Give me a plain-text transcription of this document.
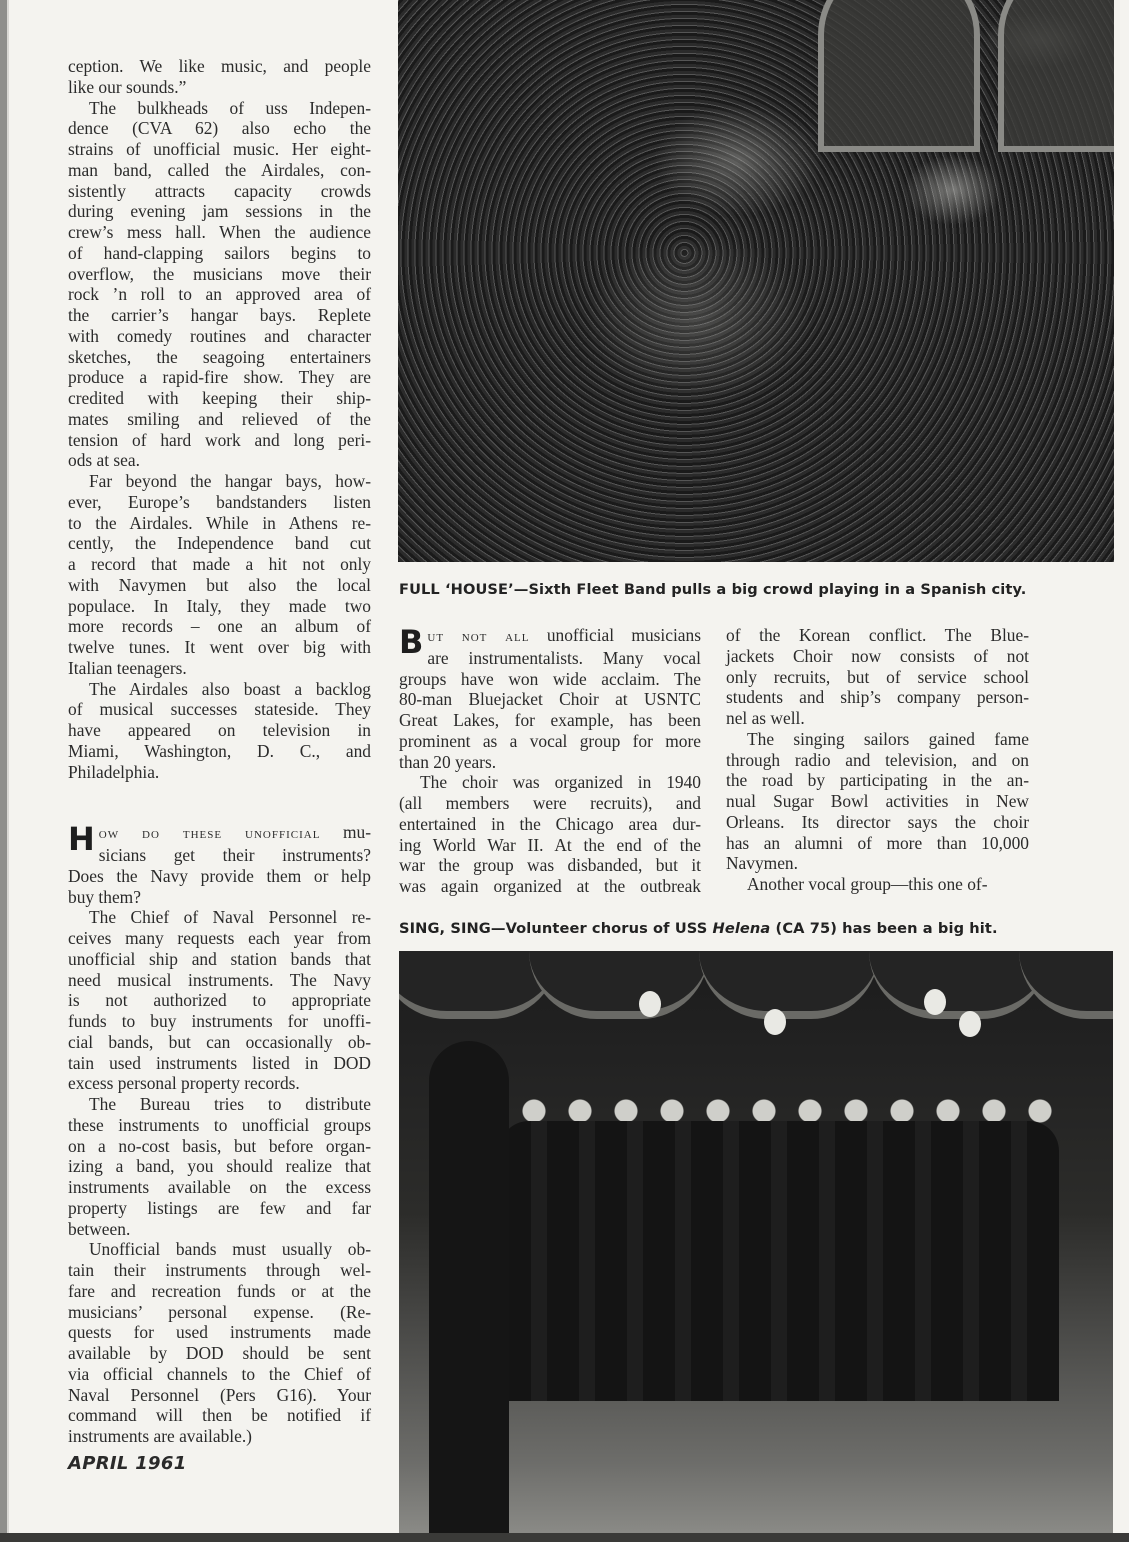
ception. We like music, and people
like our sounds.”
The bulkheads of uss Indepen-
dence (CVA 62) also echo the
strains of unofficial music. Her eight-
man band, called the Airdales, con-
sistently attracts capacity crowds
during evening jam sessions in the
crew’s mess hall. When the audience
of hand-clapping sailors begins to
overflow, the musicians move their
rock ’n roll to an approved area of
the carrier’s hangar bays. Replete
with comedy routines and character
sketches, the seagoing entertainers
produce a rapid-fire show. They are
credited with keeping their ship-
mates smiling and relieved of the
tension of hard work and long peri-
ods at sea.
Far beyond the hangar bays, how-
ever, Europe’s bandstanders listen
to the Airdales. While in Athens re-
cently, the Independence band cut
a record that made a hit not only
with Navymen but also the local
populace. In Italy, they made two
more records – one an album of
twelve tunes. It went over big with
Italian teenagers.
The Airdales also boast a backlog
of musical successes stateside. They
have appeared on television in
Miami, Washington, D. C., and
Philadelphia.
H ow do these unofficial mu-
sicians get their instruments?
Does the Navy provide them or help
buy them?
The Chief of Naval Personnel re-
ceives many requests each year from
unofficial ship and station bands that
need musical instruments. The Navy
is not authorized to appropriate
funds to buy instruments for unoffi-
cial bands, but can occasionally ob-
tain used instruments listed in DOD
excess personal property records.
The Bureau tries to distribute
these instruments to unofficial groups
on a no-cost basis, but before organ-
izing a band, you should realize that
instruments available on the excess
property listings are few and far
between.
Unofficial bands must usually ob-
tain their instruments through wel-
fare and recreation funds or at the
musicians’ personal expense. (Re-
quests for used instruments made
available by DOD should be sent
via official channels to the Chief of
Naval Personnel (Pers G16). Your
command will then be notified if
instruments are available.)
FULL ‘HOUSE’—Sixth Fleet Band pulls a big crowd playing in a Spanish city.
B ut not all unofficial musicians
are instrumentalists. Many vocal
groups have won wide acclaim. The
80-man Bluejacket Choir at USNTC
Great Lakes, for example, has been
prominent as a vocal group for more
than 20 years.
The choir was organized in 1940
(all members were recruits), and
entertained in the Chicago area dur-
ing World War II. At the end of the
war the group was disbanded, but it
was again organized at the outbreak
of the Korean conflict. The Blue-
jackets Choir now consists of not
only recruits, but of service school
students and ship’s company person-
nel as well.
The singing sailors gained fame
through radio and television, and on
the road by participating in the an-
nual Sugar Bowl activities in New
Orleans. Its director says the choir
has an alumni of more than 10,000
Navymen.
Another vocal group—this one of-
SING, SING—Volunteer chorus of USS Helena (CA 75) has been a big hit.
APRIL 1961
